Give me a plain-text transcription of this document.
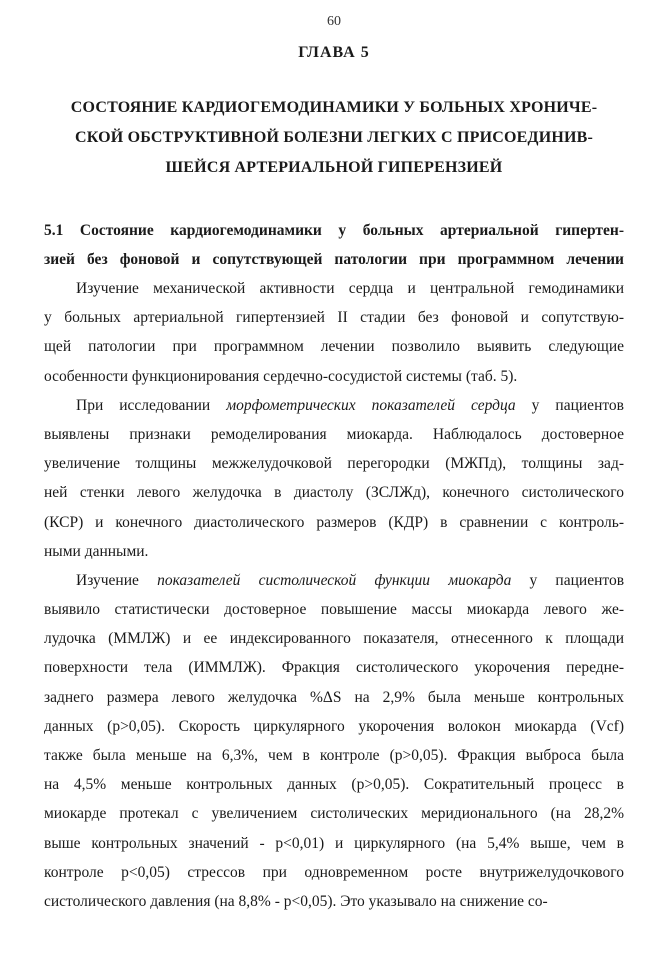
60
ГЛАВА 5
СОСТОЯНИЕ КАРДИОГЕМОДИНАМИКИ У БОЛЬНЫХ ХРОНИЧЕ-
СКОЙ ОБСТРУКТИВНОЙ БОЛЕЗНИ ЛЕГКИХ С ПРИСОЕДИНИВ-
ШЕЙСЯ АРТЕРИАЛЬНОЙ ГИПЕРЕНЗИЕЙ
5.1 Состояние кардиогемодинамики у больных артериальной гипертен-
зией без фоновой и сопутствующей патологии при программном лечении
Изучение механической активности сердца и центральной гемодинамики
у больных артериальной гипертензией II стадии без фоновой и сопутствую-
щей патологии при программном лечении позволило выявить следующие
особенности функционирования сердечно-сосудистой системы (таб. 5).
При исследовании морфометрических показателей сердца у пациентов
выявлены признаки ремоделирования миокарда. Наблюдалось достоверное
увеличение толщины межжелудочковой перегородки (МЖПд), толщины зад-
ней стенки левого желудочка в диастолу (ЗСЛЖд), конечного систолического
(КСР) и конечного диастолического размеров (КДР) в сравнении с контроль-
ными данными.
Изучение показателей систолической функции миокарда у пациентов
выявило статистически достоверное повышение массы миокарда левого же-
лудочка (ММЛЖ) и ее индексированного показателя, отнесенного к площади
поверхности тела (ИММЛЖ). Фракция систолического укорочения передне-
заднего размера левого желудочка %ΔS на 2,9% была меньше контрольных
данных (р>0,05). Скорость циркулярного укорочения волокон миокарда (Vcf)
также была меньше на 6,3%, чем в контроле (р>0,05). Фракция выброса была
на 4,5% меньше контрольных данных (р>0,05). Сократительный процесс в
миокарде протекал с увеличением систолических меридионального (на 28,2%
выше контрольных значений - р<0,01) и циркулярного (на 5,4% выше, чем в
контроле р<0,05) стрессов при одновременном росте внутрижелудочкового
систолического давления (на 8,8% - р<0,05). Это указывало на снижение со-
